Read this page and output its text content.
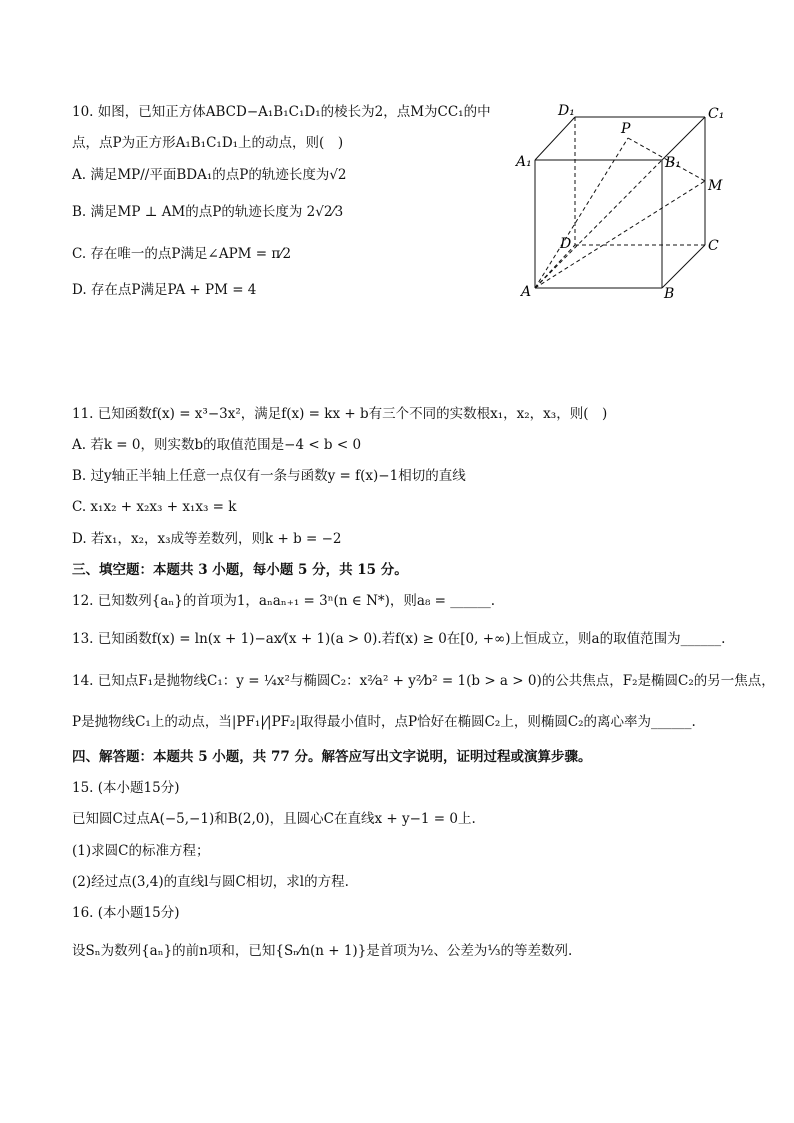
10. 如图，已知正方体ABCD−A₁B₁C₁D₁的棱长为2，点M为CC₁的中
点，点P为正方形A₁B₁C₁D₁上的动点，则(　)
A. 满足MP//平面BDA₁的点P的轨迹长度为√2
B. 满足MP ⊥ AM的点P的轨迹长度为 2√2⁄3
C. 存在唯一的点P满足∠APM = π⁄2
D. 存在点P满足PA + PM = 4
D₁	C₁
A₁	B₁
P
M
D	C
A	B
11. 已知函数f(x) = x³−3x²，满足f(x) = kx + b有三个不同的实数根x₁，x₂，x₃，则(　)
A. 若k = 0，则实数b的取值范围是−4 < b < 0
B. 过y轴正半轴上任意一点仅有一条与函数y = f(x)−1相切的直线
C. x₁x₂ + x₂x₃ + x₁x₃ = k
D. 若x₁，x₂，x₃成等差数列，则k + b = −2
三、填空题：本题共 3 小题，每小题 5 分，共 15 分。
12. 已知数列{aₙ}的首项为1，aₙaₙ₊₁ = 3ⁿ(n ∈ N*)，则a₈ = ______.
13. 已知函数f(x) = ln(x + 1)−ax⁄(x + 1)(a > 0).若f(x) ≥ 0在[0, +∞)上恒成立，则a的取值范围为______.
14. 已知点F₁是抛物线C₁：y = ¼x²与椭圆C₂：x²⁄a² + y²⁄b² = 1(b > a > 0)的公共焦点，F₂是椭圆C₂的另一焦点，
P是抛物线C₁上的动点，当|PF₁|⁄|PF₂|取得最小值时，点P恰好在椭圆C₂上，则椭圆C₂的离心率为______.
四、解答题：本题共 5 小题，共 77 分。解答应写出文字说明，证明过程或演算步骤。
15. (本小题15分)
已知圆C过点A(−5,−1)和B(2,0)，且圆心C在直线x + y−1 = 0上.
(1)求圆C的标准方程；
(2)经过点(3,4)的直线l与圆C相切，求l的方程.
16. (本小题15分)
设Sₙ为数列{aₙ}的前n项和，已知{Sₙ⁄n(n + 1)}是首项为½、公差为⅓的等差数列.
